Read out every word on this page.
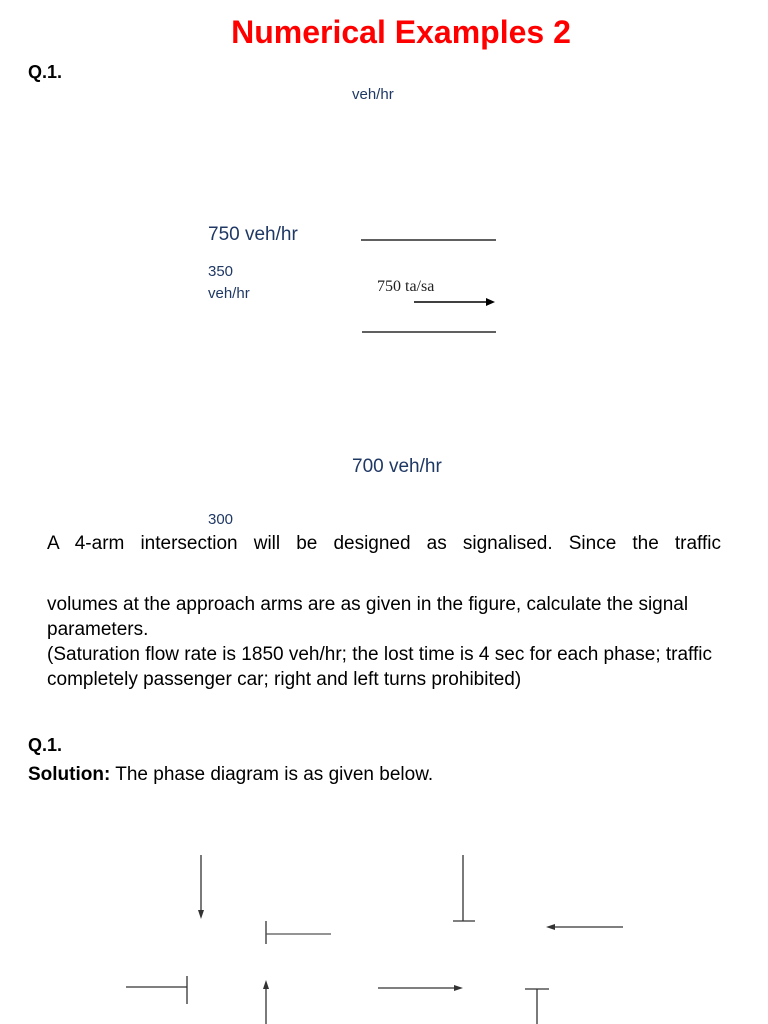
Numerical Examples 2
Q.1.
veh/hr
750 veh/hr
350
veh/hr	750 ta/sa
700 veh/hr
300
A 4-arm intersection will be designed as signalised. Since the traffic
volumes at the approach arms are as given in the figure, calculate the signal parameters.
(Saturation flow rate is 1850 veh/hr; the lost time is 4 sec for each phase; traffic completely passenger car; right and left turns prohibited)
Q.1.
Solution: The phase diagram is as given below.
